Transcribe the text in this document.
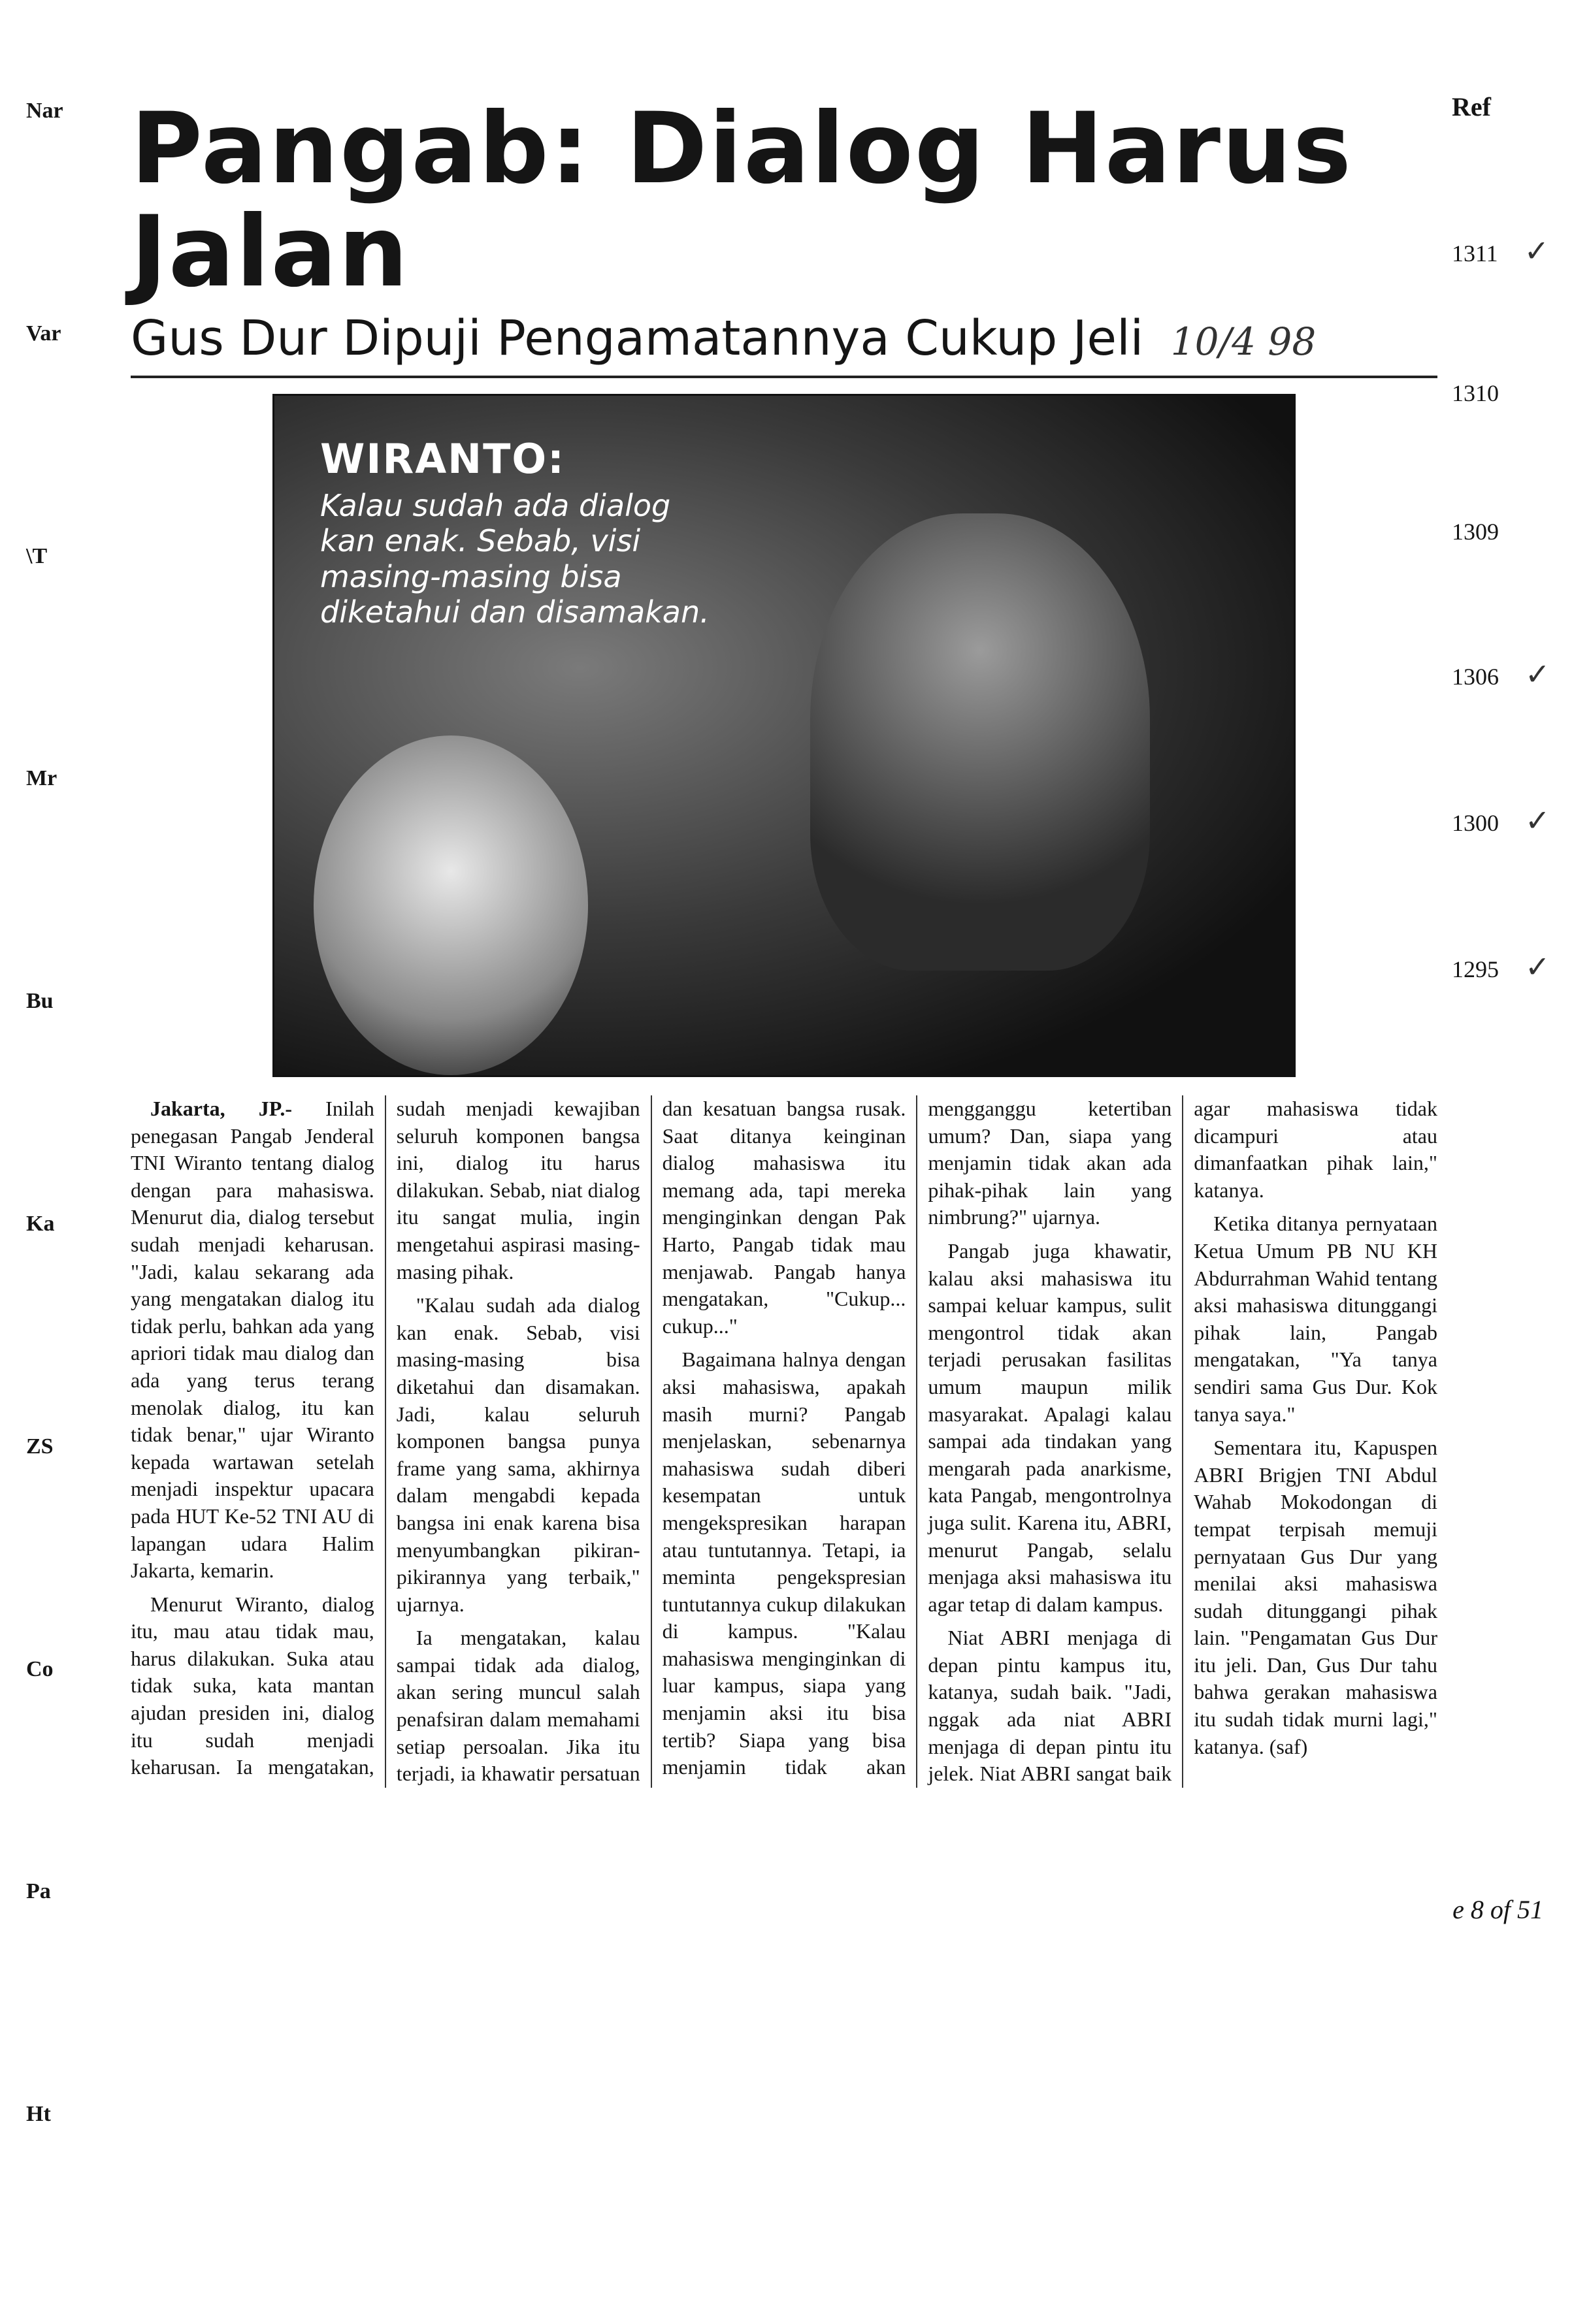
Nar
Var
\T
Mr
Bu
Ka
ZS
Co
Pa
Ht
Pangab: Dialog Harus Jalan
Gus Dur Dipuji Pengamatannya Cukup Jeli 10/4 98
WIRANTO:
Kalau sudah ada dialog kan enak. Sebab, visi masing-masing bisa diketahui dan disamakan.

Jakarta, JP.- Inilah penegasan Pangab Jenderal TNI Wiranto tentang dialog dengan para mahasiswa. Menurut dia, dialog tersebut sudah menjadi keharusan. "Jadi, kalau sekarang ada yang mengatakan dialog itu tidak perlu, bahkan ada yang apriori tidak mau dialog dan ada yang terus terang menolak dialog, itu kan tidak benar," ujar Wiranto kepada wartawan setelah menjadi inspektur upacara pada HUT Ke-52 TNI AU di lapangan udara Halim Jakarta, kemarin.

Menurut Wiranto, dialog itu, mau atau tidak mau, harus dilakukan. Suka atau tidak suka, kata mantan ajudan presiden ini, dialog itu sudah menjadi keharusan. Ia mengatakan, sudah menjadi kewajiban seluruh komponen bangsa ini, dialog itu harus dilakukan. Sebab, niat dialog itu sangat mulia, ingin mengetahui aspirasi masing-masing pihak.

"Kalau sudah ada dialog kan enak. Sebab, visi masing-masing bisa diketahui dan disamakan. Jadi, kalau seluruh komponen bangsa punya frame yang sama, akhirnya dalam mengabdi kepada bangsa ini enak karena bisa menyumbangkan pikiran-pikirannya yang terbaik," ujarnya.

Ia mengatakan, kalau sampai tidak ada dialog, akan sering muncul salah penafsiran dalam memahami setiap persoalan. Jika itu terjadi, ia khawatir persatuan dan kesatuan bangsa rusak. Saat ditanya keinginan dialog mahasiswa itu memang ada, tapi mereka menginginkan dengan Pak Harto, Pangab tidak mau menjawab. Pangab hanya mengatakan, "Cukup... cukup..."

Bagaimana halnya dengan aksi mahasiswa, apakah masih murni? Pangab menjelaskan, sebenarnya mahasiswa sudah diberi kesempatan untuk mengekspresikan harapan atau tuntutannya. Tetapi, ia meminta pengekspresian tuntutannya cukup dilakukan di kampus. "Kalau mahasiswa menginginkan di luar kampus, siapa yang menjamin aksi itu bisa tertib? Siapa yang bisa menjamin tidak akan mengganggu ketertiban umum? Dan, siapa yang menjamin tidak akan ada pihak-pihak lain yang nimbrung?" ujarnya.

Pangab juga khawatir, kalau aksi mahasiswa itu sampai keluar kampus, sulit mengontrol tidak akan terjadi perusakan fasilitas umum maupun milik masyarakat. Apalagi kalau sampai ada tindakan yang mengarah pada anarkisme, kata Pangab, mengontrolnya juga sulit. Karena itu, ABRI, menurut Pangab, selalu menjaga aksi mahasiswa itu agar tetap di dalam kampus.

Niat ABRI menjaga di depan pintu kampus itu, katanya, sudah baik. "Jadi, nggak ada niat ABRI menjaga di depan pintu itu jelek. Niat ABRI sangat baik agar mahasiswa tidak dicampuri atau dimanfaatkan pihak lain," katanya.

Ketika ditanya pernyataan Ketua Umum PB NU KH Abdurrahman Wahid tentang aksi mahasiswa ditunggangi pihak lain, Pangab mengatakan, "Ya tanya sendiri sama Gus Dur. Kok tanya saya."

Sementara itu, Kapuspen ABRI Brigjen TNI Abdul Wahab Mokodongan di tempat terpisah memuji pernyataan Gus Dur yang menilai aksi mahasiswa sudah ditunggangi pihak lain. "Pengamatan Gus Dur itu jeli. Dan, Gus Dur tahu bahwa gerakan mahasiswa itu sudah tidak murni lagi," katanya. (saf)

Ref
1311 ✓
1310
1309
1306 ✓
1300 ✓
1295 ✓
e 8 of 51
